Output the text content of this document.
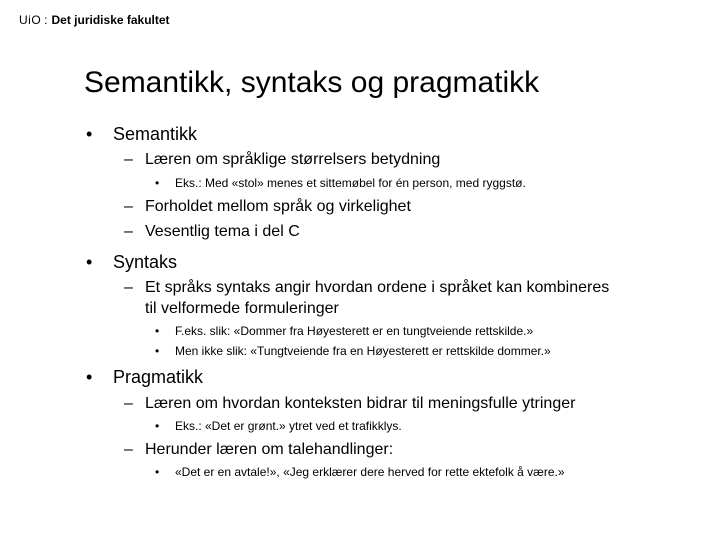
UiO : Det juridiske fakultet
Semantikk, syntaks og pragmatikk
• Semantikk
– Læren om språklige størrelsers betydning
• Eks.: Med «stol» menes et sittemøbel for én person, med ryggstø.
– Forholdet mellom språk og virkelighet
– Vesentlig tema i del C
• Syntaks
– Et språks syntaks angir hvordan ordene i språket kan kombineres
til velformede formuleringer
• F.eks. slik: «Dommer fra Høyesterett er en tungtveiende rettskilde.»
• Men ikke slik: «Tungtveiende fra en Høyesterett er rettskilde dommer.»
• Pragmatikk
– Læren om hvordan konteksten bidrar til meningsfulle ytringer
• Eks.: «Det er grønt.» ytret ved et trafikklys.
– Herunder læren om talehandlinger:
• «Det er en avtale!», «Jeg erklærer dere herved for rette ektefolk å være.»
